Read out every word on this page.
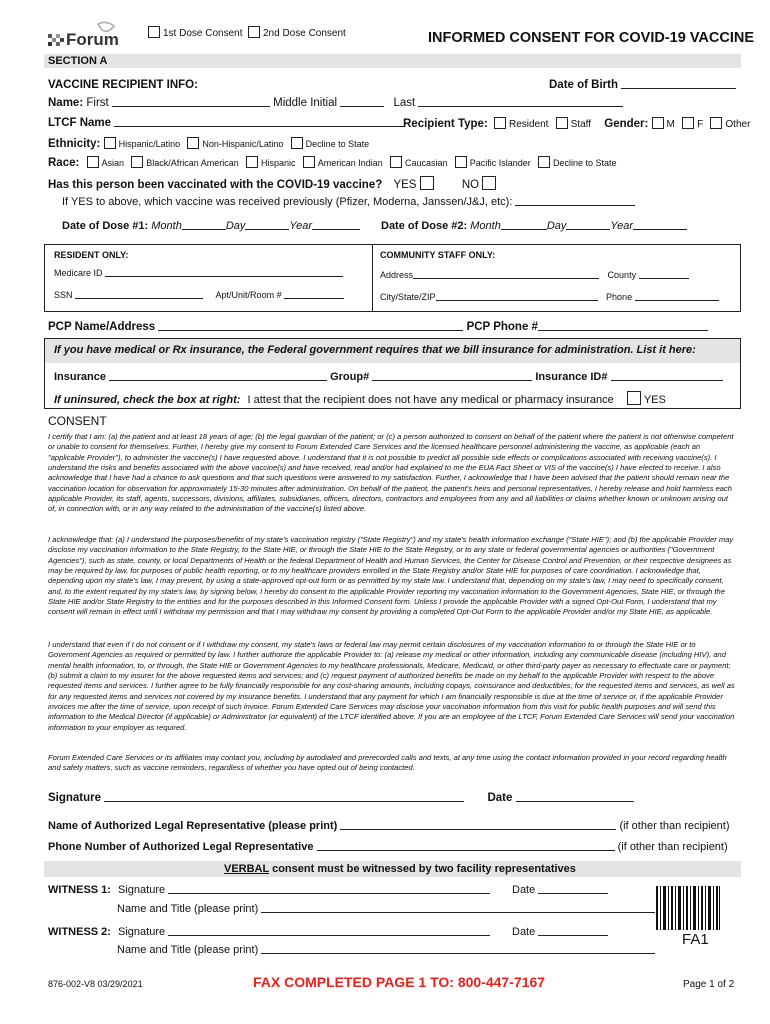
Forum	1st Dose Consent	2nd Dose Consent	INFORMED CONSENT FOR COVID-19 VACCINE
SECTION A
VACCINE RECIPIENT INFO:	Date of Birth
Name: First	Middle Initial	Last
LTCF Name	Recipient Type: Resident Staff Gender: M F Other
Ethnicity: Hispanic/Latino Non-Hispanic/Latino Decline to State
Race: Asian Black/African American Hispanic American Indian Caucasian Pacific Islander Decline to State
Has this person been vaccinated with the COVID-19 vaccine? YES	NO
If YES to above, which vaccine was received previously (Pfizer, Moderna, Janssen/J&J, etc):
Date of Dose #1: Month	Day	Year	Date of Dose #2: Month	Day	Year
RESIDENT ONLY:
Medicare ID
SSN	Apt/Unit/Room #
COMMUNITY STAFF ONLY:
Address	County
City/State/ZIP	Phone
PCP Name/Address	PCP Phone #
If you have medical or Rx insurance, the Federal government requires that we bill insurance for administration. List it here:
Insurance	Group#	Insurance ID#
If uninsured, check the box at right: I attest that the recipient does not have any medical or pharmacy insurance	YES
CONSENT
I certify that I am: (a) the patient and at least 18 years of age; (b) the legal guardian of the patient; or (c) a person authorized to consent on behalf of the patient where the patient is not otherwise competent or unable to consent for themselves. Further, I hereby give my consent to Forum Extended Care Services and the licensed healthcare personnel administering the vaccine, as applicable (each an "applicable Provider"), to administer the vaccine(s) I have requested above. I understand that it is not possible to predict all possible side effects or complications associated with receiving vaccine(s). I understand the risks and benefits associated with the above vaccine(s) and have received, read and/or had explained to me the EUA Fact Sheet or VIS of the vaccine(s) I have elected to receive. I also acknowledge that I have had a chance to ask questions and that such questions were answered to my satisfaction. Further, I acknowledge that I have been advised that the patient should remain near the vaccination location for observation for approximately 15-30 minutes after administration. On behalf of the patient, the patient's heirs and personal representatives, I hereby release and hold harmless each applicable Provider, its staff, agents, successors, divisions, affiliates, subsidiaries, officers, directors, contractors and employees from any and all liabilities or claims whether known or unknown arising out of, in connection with, or in any way related to the administration of the vaccine(s) listed above.
I acknowledge that: (a) I understand the purposes/benefits of my state's vaccination registry ("State Registry") and my state's health information exchange ("State HIE"); and (b) the applicable Provider may disclose my vaccination information to the State Registry, to the State HIE, or through the State HIE to the State Registry, or to any state or federal governmental agencies or authorities ("Government Agencies"), such as state, county, or local Departments of Health or the federal Department of Health and Human Services, the Center for Disease Control and Prevention, or their respective designees as may be required by law, for purposes of public health reporting, or to my healthcare providers enrolled in the State Registry and/or State HIE for purposes of care coordination. I acknowledge that, depending upon my state's law, I may prevent, by using a state-approved opt-out form or as permitted by my state law. I understand that, depending on my state's law, I may need to specifically consent, and, to the extent required by my state's law, by signing below, I hereby do consent to the applicable Provider reporting my vaccination information to the Government Agencies, State HIE, or through the State HIE and/or State Registry to the entities and for the purposes described in this Informed Consent form. Unless I provide the applicable Provider with a signed Opt-Out Form, I understand that my consent will remain in effect until I withdraw my permission and that I may withdraw my consent by providing a completed Opt-Out Form to the applicable Provider and/or my State HIE, as applicable.
I understand that even if I do not consent or if I withdraw my consent, my state's laws or federal law may permit certain disclosures of my vaccination information to or through the State HIE or to Government Agencies as required or permitted by law. I further authorize the applicable Provider to: (a) release my medical or other information, including any communicable disease (including HIV), and mental health information, to, or through, the State HIE or Government Agencies to my healthcare professionals, Medicare, Medicaid, or other third-party payer as necessary to effectuate care or payment; (b) submit a claim to my insurer for the above requested items and services; and (c) request payment of authorized benefits be made on my behalf to the applicable Provider with respect to the above requested items and services. I further agree to be fully financially responsible for any cost-sharing amounts, including copays, coinsurance and deductibles, for the requested items and services, as well as for any requested items and services not covered by my insurance benefits. I understand that any payment for which I am financially responsible is due at the time of service or, if the applicable Provider invoices me after the time of service, upon receipt of such invoice. Forum Extended Care Services may disclose your vaccination information from this visit for public health purposes and will send this information to the Medical Director (if applicable) or Administrator (or equivalent) of the LTCF identified above. If you are an employee of the LTCF, Forum Extended Care Services will send your vaccination information to your employer as required.
Forum Extended Care Services or its affiliates may contact you, including by autodialed and prerecorded calls and texts, at any time using the contact information provided in your record regarding health and safety matters, such as vaccine reminders, regardless of whether you have opted out of being contacted.
Signature	Date
Name of Authorized Legal Representative (please print)	(if other than recipient)
Phone Number of Authorized Legal Representative	(if other than recipient)
VERBAL consent must be witnessed by two facility representatives
WITNESS 1: Signature	Date
Name and Title (please print)
WITNESS 2: Signature	Date
Name and Title (please print)
FA1
876-002-V8 03/29/2021	FAX COMPLETED PAGE 1 TO: 800-447-7167	Page 1 of 2
